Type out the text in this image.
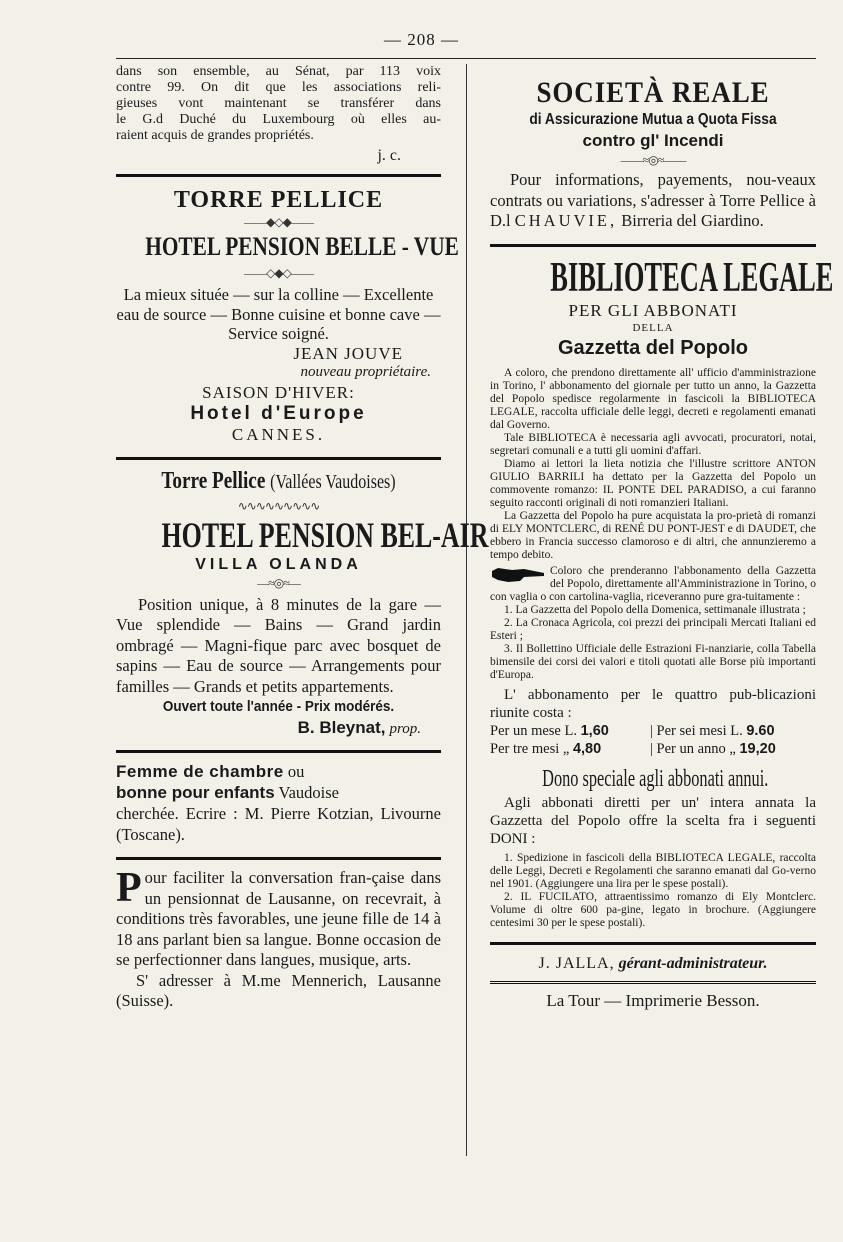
— 208 —

dans son ensemble, au Sénat, par 113 voix

contre 99. On dit que les associations reli-

gieuses vont maintenant se transférer dans

le G.d Duché du Luxembourg où elles au-

raient acquis de grandes propriétés.

j. c.

TORRE PELLICE
——◆◇◆——
HOTEL PENSION BELLE - VUE
——◇◆◇——

La mieux située — sur la colline — Excellente eau de source — Bonne cuisine et bonne cave — Service soigné.

JEAN JOUVE
nouveau propriétaire.
SAISON D'HIVER:
Hotel d'Europe
CANNES.
Torre Pellice (Vallées Vaudoises)
∿∿∿∿∿∿∿∿∿
HOTEL PENSION BEL-AIR
VILLA OLANDA
—≈◎≈—

Position unique, à 8 minutes de la gare — Vue splendide — Bains — Grand jardin ombragé — Magni-fique parc avec bosquet de sapins — Eau de source — Arrangements pour familles — Grands et petits appartements.

Ouvert toute l'année - Prix modérés.
B. Bleynat, prop.

Femme de chambre ou

bonne pour enfants Vaudoise

cherchée. Ecrire : M. Pierre Kotzian, Livourne (Toscane).

Pour faciliter la conversation fran-çaise dans un pensionnat de Lausanne, on recevrait, à conditions très favorables, une jeune fille de 14 à 18 ans parlant bien sa langue. Bonne occasion de se perfectionner dans langues, musique, arts.

S' adresser à M.me Mennerich, Lausanne (Suisse).

SOCIETÀ REALE
di Assicurazione Mutua a Quota Fissa
contro gl' Incendi
——≈◎≈——

Pour informations, payements, nou-veaux contrats ou variations, s'adresser à Torre Pellice à D.l CHAUVIE, Birreria del Giardino.

BIBLIOTECA LEGALE
PER GLI ABBONATI
DELLA
Gazzetta del Popolo

A coloro, che prendono direttamente all' ufficio d'amministrazione in Torino, l' abbonamento del giornale per tutto un anno, la Gazzetta del Popolo spedisce regolarmente in fascicoli la BIBLIOTECA LEGALE, raccolta ufficiale delle leggi, decreti e regolamenti emanati dal Governo.

Tale BIBLIOTECA è necessaria agli avvocati, procuratori, notai, segretari comunali e a tutti gli uomini d'affari.

Diamo ai lettori la lieta notizia che l'illustre scrittore ANTON GIULIO BARRILI ha dettato per la Gazzetta del Popolo un commovente romanzo: IL PONTE DEL PARADISO, a cui faranno seguito racconti originali di noti romanzieri Italiani.

La Gazzetta del Popolo ha pure acquistata la pro-prietà di romanzi di ELY MONTCLERC, di RENÉ DU PONT-JEST e di DAUDET, che ebbero in Francia successo clamoroso e di altri, che annunzieremo a tempo debito.

Coloro che prenderanno l'abbonamento della Gazzetta del Popolo, direttamente all'Amministrazione in Torino, o con vaglia o con cartolina-vaglia, riceveranno pure gra-tuitamente :

1. La Gazzetta del Popolo della Domenica, settimanale illustrata ;

2. La Cronaca Agricola, coi prezzi dei principali Mercati Italiani ed Esteri ;

3. Il Bollettino Ufficiale delle Estrazioni Fi-nanziarie, colla Tabella bimensile dei corsi dei valori e titoli quotati alle Borse più importanti d'Europa.

L' abbonamento per le quattro pub-blicazioni riunite costa :

Per un mese L. 1,60	| Per sei mesi L. 9.60
Per tre mesi „ 4,80	| Per un anno „ 19,20
Dono speciale agli abbonati annui.

Agli abbonati diretti per un' intera annata la Gazzetta del Popolo offre la scelta fra i seguenti DONI :

1. Spedizione in fascicoli della BIBLIOTECA LEGALE, raccolta delle Leggi, Decreti e Regolamenti che saranno emanati dal Go-verno nel 1901. (Aggiungere una lira per le spese postali).

2. IL FUCILATO, attraentissimo romanzo di Ely Montclerc. Volume di oltre 600 pa-gine, legato in brochure. (Aggiungere centesimi 30 per le spese postali).

J. JALLA, gérant-administrateur.
La Tour — Imprimerie Besson.
